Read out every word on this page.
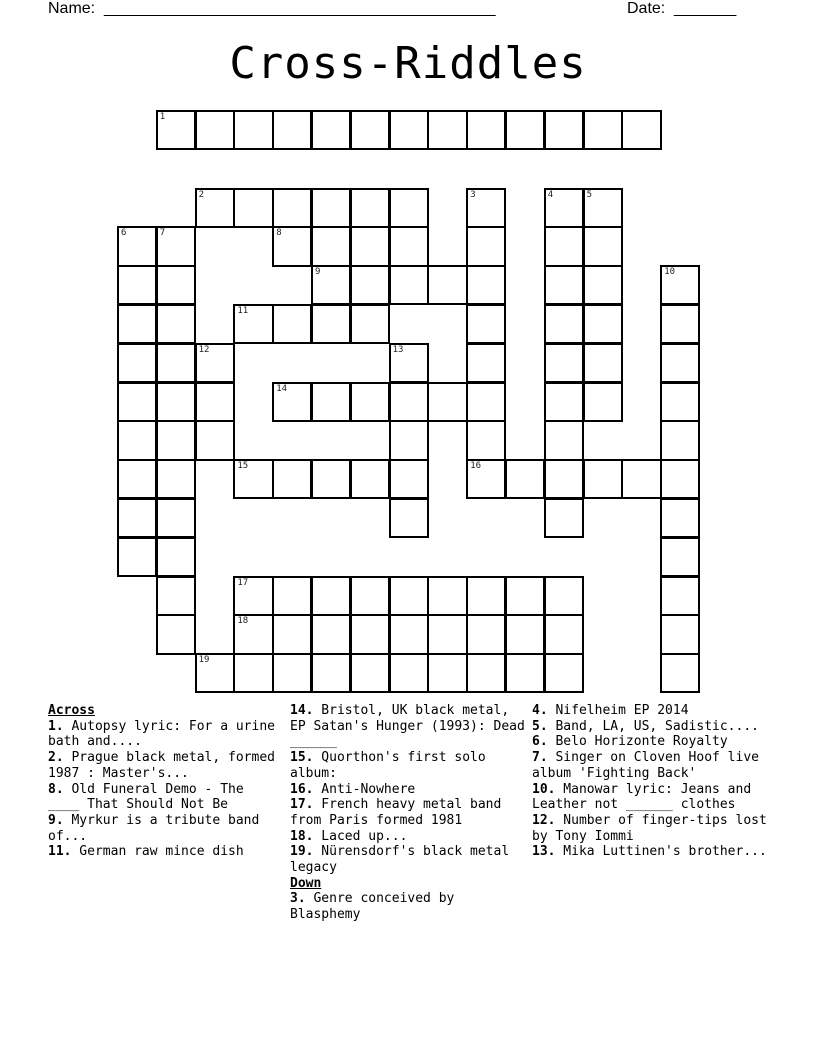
Name: ____________________________________________	Date: _______
Cross-Riddles
1
2	3	4	5
6	7	8
9	10
11
12	13
14
15	16
17
18
19
Across
1. Autopsy lyric: For a urine bath and....
2. Prague black metal, formed 1987 : Master's...
8. Old Funeral Demo - The ____ That Should Not Be
9. Myrkur is a tribute band of...
11. German raw mince dish
14. Bristol, UK black metal, EP Satan's Hunger (1993): Dead ______
15. Quorthon's first solo album:
16. Anti-Nowhere
17. French heavy metal band from Paris formed 1981
18. Laced up...
19. Nürensdorf's black metal legacy
Down
3. Genre conceived by Blasphemy
4. Nifelheim EP 2014
5. Band, LA, US, Sadistic....
6. Belo Horizonte Royalty
7. Singer on Cloven Hoof live album 'Fighting Back'
10. Manowar lyric: Jeans and Leather not ______ clothes
12. Number of finger-tips lost by Tony Iommi
13. Mika Luttinen's brother...
